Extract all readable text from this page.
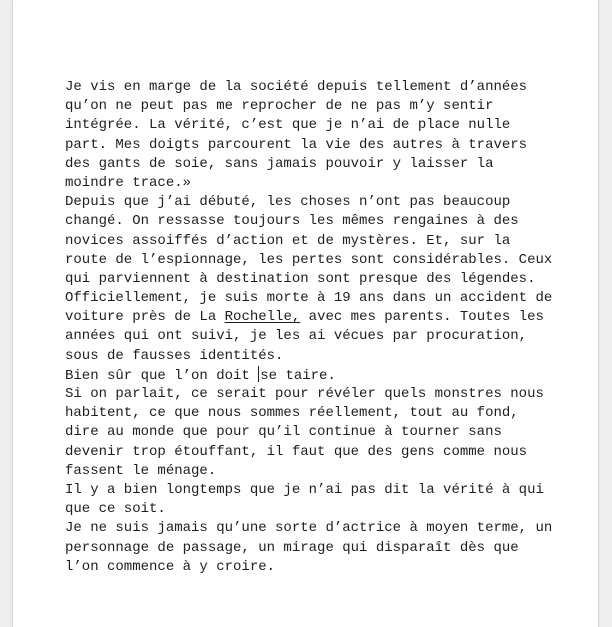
Je vis en marge de la société depuis tellement d’années
qu’on ne peut pas me reprocher de ne pas m’y sentir
intégrée. La vérité, c’est que je n’ai de place nulle
part. Mes doigts parcourent la vie des autres à travers
des gants de soie, sans jamais pouvoir y laisser la
moindre trace.»
Depuis que j’ai débuté, les choses n’ont pas beaucoup
changé. On ressasse toujours les mêmes rengaines à des
novices assoiffés d’action et de mystères. Et, sur la
route de l’espionnage, les pertes sont considérables. Ceux
qui parviennent à destination sont presque des légendes.
Officiellement, je suis morte à 19 ans dans un accident de
voiture près de La Rochelle, avec mes parents. Toutes les
années qui ont suivi, je les ai vécues par procuration,
sous de fausses identités.
Bien sûr que l’on doit se taire.
Si on parlait, ce serait pour révéler quels monstres nous
habitent, ce que nous sommes réellement, tout au fond,
dire au monde que pour qu’il continue à tourner sans
devenir trop étouffant, il faut que des gens comme nous
fassent le ménage.
Il y a bien longtemps que je n’ai pas dit la vérité à qui
que ce soit.
Je ne suis jamais qu’une sorte d’actrice à moyen terme, un
personnage de passage, un mirage qui disparaît dès que
l’on commence à y croire.
